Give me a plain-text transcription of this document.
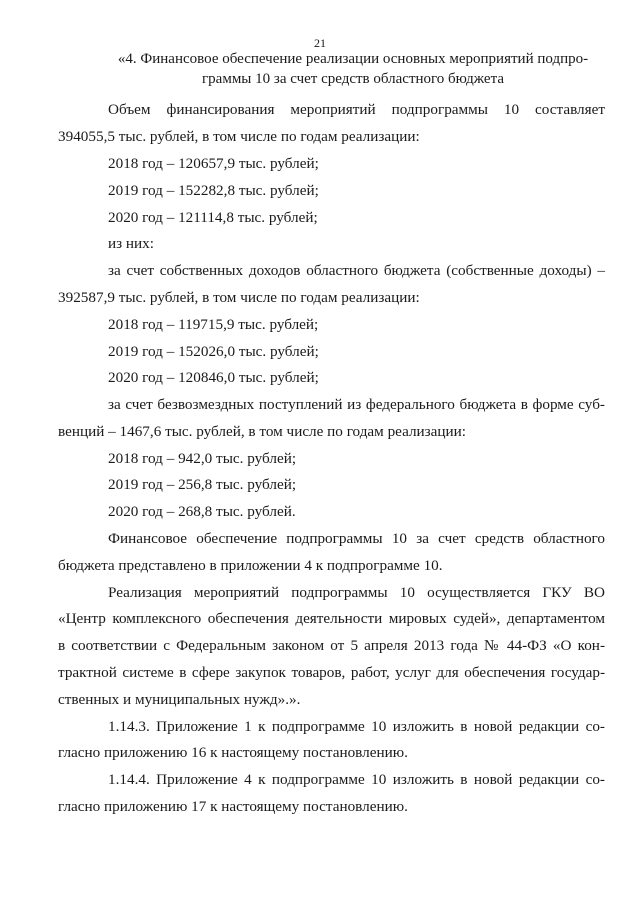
21
«4. Финансовое обеспечение реализации основных мероприятий подпро-
граммы 10 за счет средств областного бюджета
Объем финансирования мероприятий подпрограммы 10 составляет
394055,5 тыс. рублей, в том числе по годам реализации:
2018 год – 120657,9 тыс. рублей;
2019 год – 152282,8 тыс. рублей;
2020 год – 121114,8 тыс. рублей;
из них:
за счет собственных доходов областного бюджета (собственные доходы) –
392587,9 тыс. рублей, в том числе по годам реализации:
2018 год – 119715,9 тыс. рублей;
2019 год – 152026,0 тыс. рублей;
2020 год – 120846,0 тыс. рублей;
за счет безвозмездных поступлений из федерального бюджета в форме суб-
венций – 1467,6 тыс. рублей, в том числе по годам реализации:
2018 год – 942,0 тыс. рублей;
2019 год – 256,8 тыс. рублей;
2020 год – 268,8 тыс. рублей.
Финансовое обеспечение подпрограммы 10 за счет средств областного
бюджета представлено в приложении 4 к подпрограмме 10.
Реализация мероприятий подпрограммы 10 осуществляется ГКУ ВО
«Центр комплексного обеспечения деятельности мировых судей», департаментом
в соответствии с Федеральным законом от 5 апреля 2013 года № 44-ФЗ «О кон-
трактной системе в сфере закупок товаров, работ, услуг для обеспечения государ-
ственных и муниципальных нужд».».
1.14.3. Приложение 1 к подпрограмме 10 изложить в новой редакции со-
гласно приложению 16 к настоящему постановлению.
1.14.4. Приложение 4 к подпрограмме 10 изложить в новой редакции со-
гласно приложению 17 к настоящему постановлению.
